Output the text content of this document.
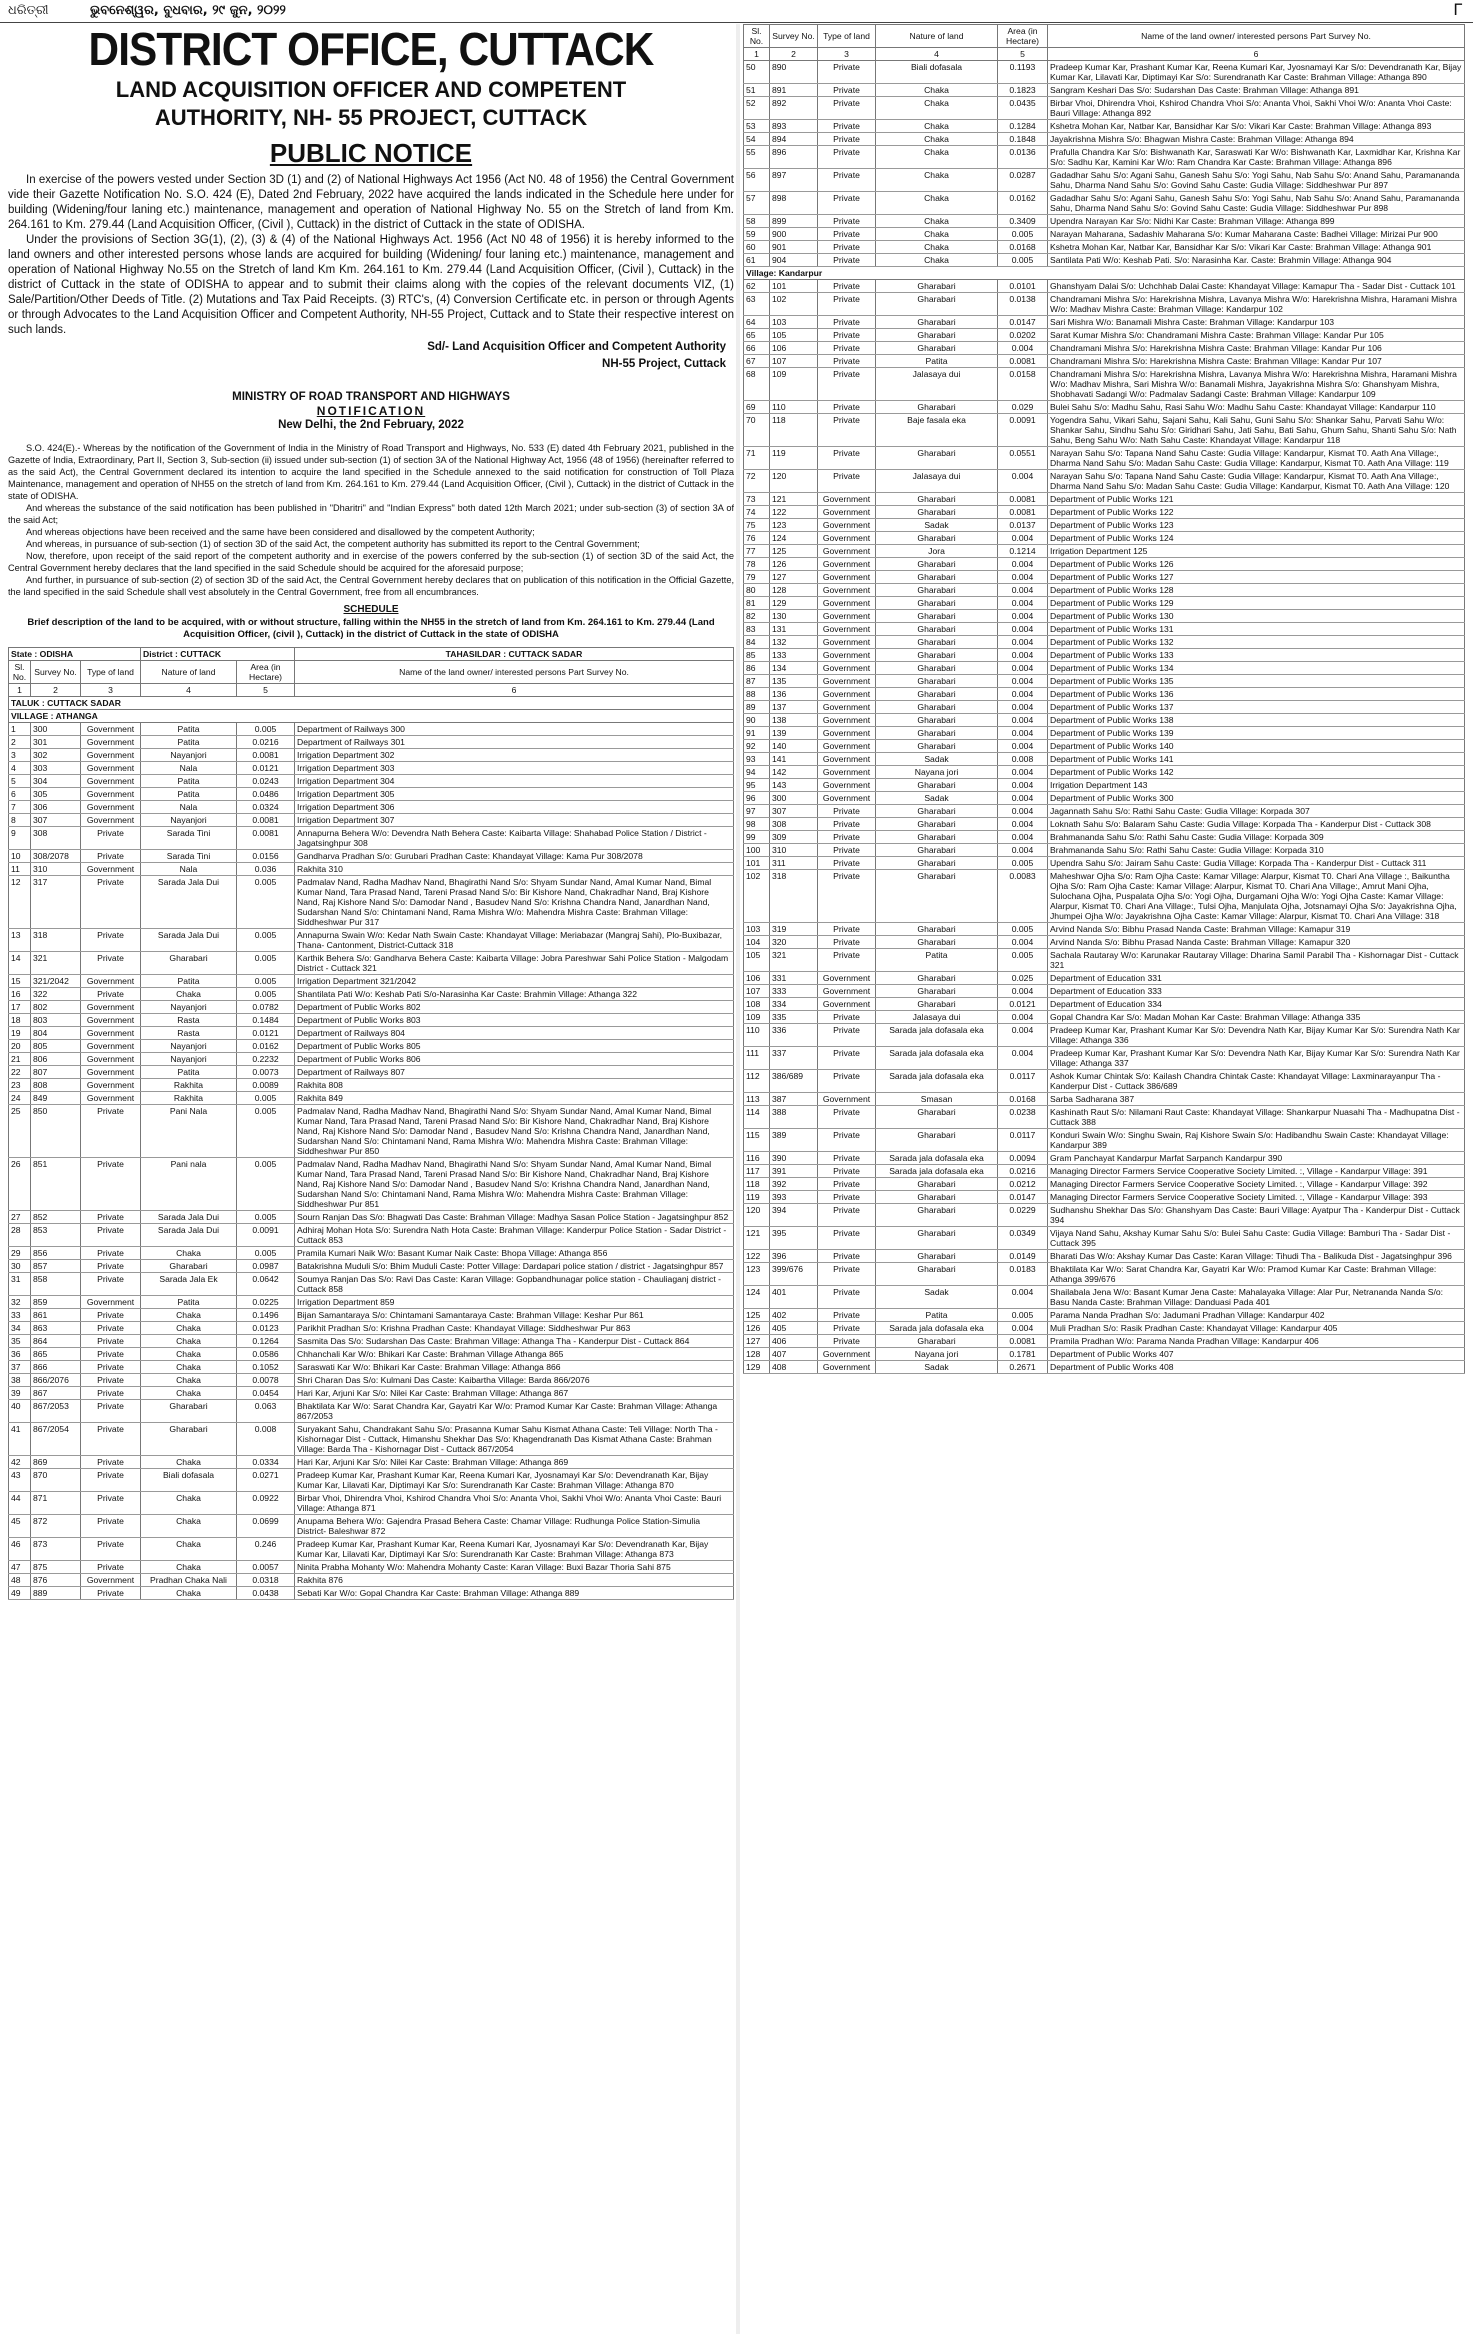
ଧରିତ୍ରୀ	ଭୁବନେଶ୍ୱର, ବୁଧବାର, ୨୯ ଜୁନ, ୨୦୨୨	Г
DISTRICT OFFICE, CUTTACK
LAND ACQUISITION OFFICER AND COMPETENT
AUTHORITY, NH- 55 PROJECT, CUTTACK
PUBLIC NOTICE

In exercise of the powers vested under Section 3D (1) and (2) of National Highways Act 1956 (Act N0. 48 of 1956) the Central Government vide their Gazette Notification No. S.O. 424 (E), Dated 2nd February, 2022 have acquired the lands indicated in the Schedule here under for building (Widening/four laning etc.) maintenance, management and operation of National Highway No. 55 on the Stretch of land from Km. 264.161 to Km. 279.44 (Land Acquisition Officer, (Civil ), Cuttack) in the district of Cuttack in the state of ODISHA.

Under the provisions of Section 3G(1), (2), (3) & (4) of the National Highways Act. 1956 (Act N0 48 of 1956) it is hereby informed to the land owners and other interested persons whose lands are acquired for building (Widening/ four laning etc.) maintenance, management and operation of National Highway No.55 on the Stretch of land Km Km. 264.161 to Km. 279.44 (Land Acquisition Officer, (Civil ), Cuttack) in the district of Cuttack in the state of ODISHA to appear and to submit their claims along with the copies of the relevant documents VIZ, (1) Sale/Partition/Other Deeds of Title. (2) Mutations and Tax Paid Receipts. (3) RTC's, (4) Conversion Certificate etc. in person or through Agents or through Advocates to the Land Acquisition Officer and Competent Authority, NH-55 Project, Cuttack and to State their respective interest on such lands.

Sd/- Land Acquisition Officer and Competent Authority
NH-55 Project, Cuttack
MINISTRY OF ROAD TRANSPORT AND HIGHWAYS
NOTIFICATION
New Delhi, the 2nd February, 2022

S.O. 424(E).- Whereas by the notification of the Government of India in the Ministry of Road Transport and Highways, No. 533 (E) dated 4th February 2021, published in the Gazette of India, Extraordinary, Part II, Section 3, Sub-section (ii) issued under sub-section (1) of section 3A of the National Highway Act, 1956 (48 of 1956) (hereinafter referred to as the said Act), the Central Government declared its intention to acquire the land specified in the Schedule annexed to the said notification for construction of Toll Plaza Maintenance, management and operation of NH55 on the stretch of land from Km. 264.161 to Km. 279.44 (Land Acquisition Officer, (Civil ), Cuttack) in the district of Cuttack in the state of ODISHA.

And whereas the substance of the said notification has been published in "Dharitri" and "Indian Express" both dated 12th March 2021; under sub-section (3) of section 3A of the said Act;

And whereas objections have been received and the same have been considered and disallowed by the competent Authority;

And whereas, in pursuance of sub-section (1) of section 3D of the said Act, the competent authority has submitted its report to the Central Government;

Now, therefore, upon receipt of the said report of the competent authority and in exercise of the powers conferred by the sub-section (1) of section 3D of the said Act, the Central Government hereby declares that the land specified in the said Schedule should be acquired for the aforesaid purpose;

And further, in pursuance of sub-section (2) of section 3D of the said Act, the Central Government hereby declares that on publication of this notification in the Official Gazette, the land specified in the said Schedule shall vest absolutely in the Central Government, free from all encumbrances.

SCHEDULE
Brief description of the land to be acquired, with or without structure, falling within the NH55 in the stretch of land from Km. 264.161 to Km. 279.44 (Land Acquisition Officer, (civil ), Cuttack) in the district of Cuttack in the state of ODISHA
State : ODISHA			District : CUTTACK		TAHASILDAR : CUTTACK SADAR
Sl. No.	Survey No.	Type of land	Nature of land	Area (in Hectare)	Name of the land owner/ interested persons Part Survey No.
1	2	3	4	5	6
TALUK : CUTTACK SADAR					
VILLAGE : ATHANGA					
1	300	Government	Patita	0.005	Department of Railways 300
2	301	Government	Patita	0.0216	Department of Railways 301
3	302	Government	Nayanjori	0.0081	Irrigation Department 302
4	303	Government	Nala	0.0121	Irrigation Department 303
5	304	Government	Patita	0.0243	Irrigation Department 304
6	305	Government	Patita	0.0486	Irrigation Department 305
7	306	Government	Nala	0.0324	Irrigation Department 306
8	307	Government	Nayanjori	0.0081	Irrigation Department 307
9	308	Private	Sarada Tini	0.0081	Annapurna Behera W/o: Devendra Nath Behera Caste: Kaibarta Village: Shahabad Police Station / District - Jagatsinghpur 308
10	308/2078	Private	Sarada Tini	0.0156	Gandharva Pradhan S/o: Gurubari Pradhan Caste: Khandayat Village: Kama Pur 308/2078
11	310	Government	Nala	0.036	Rakhita 310
12	317	Private	Sarada Jala Dui	0.005	Padmalav Nand, Radha Madhav Nand, Bhagirathi Nand S/o: Shyam Sundar Nand, Amal Kumar Nand, Bimal Kumar Nand, Tara Prasad Nand, Tareni Prasad Nand S/o: Bir Kishore Nand, Chakradhar Nand, Braj Kishore Nand, Raj Kishore Nand S/o: Damodar Nand , Basudev Nand S/o: Krishna Chandra Nand, Janardhan Nand, Sudarshan Nand S/o: Chintamani Nand, Rama Mishra W/o: Mahendra Mishra Caste: Brahman Village: Siddheshwar Pur 317
13	318	Private	Sarada Jala Dui	0.005	Annapurna Swain W/o: Kedar Nath Swain Caste: Khandayat Village: Meriabazar (Mangraj Sahi), Plo-Buxibazar, Thana- Cantonment, District-Cuttack 318
14	321	Private	Gharabari	0.005	Karthik Behera S/o: Gandharva Behera Caste: Kaibarta Village: Jobra Pareshwar Sahi Police Station - Malgodam District - Cuttack 321
15	321/2042	Government	Patita	0.005	Irrigation Department 321/2042
16	322	Private	Chaka	0.005	Shantilata Pati W/o: Keshab Pati S/o-Narasinha Kar Caste: Brahmin Village: Athanga 322
17	802	Government	Nayanjori	0.0782	Department of Public Works 802
18	803	Government	Rasta	0.1484	Department of Public Works 803
19	804	Government	Rasta	0.0121	Department of Railways 804
20	805	Government	Nayanjori	0.0162	Department of Public Works 805
21	806	Government	Nayanjori	0.2232	Department of Public Works 806
22	807	Government	Patita	0.0073	Department of Railways 807
23	808	Government	Rakhita	0.0089	Rakhita 808
24	849	Government	Rakhita	0.005	Rakhita 849
25	850	Private	Pani Nala	0.005	Padmalav Nand, Radha Madhav Nand, Bhagirathi Nand S/o: Shyam Sundar Nand, Amal Kumar Nand, Bimal Kumar Nand, Tara Prasad Nand, Tareni Prasad Nand S/o: Bir Kishore Nand, Chakradhar Nand, Braj Kishore Nand, Raj Kishore Nand S/o: Damodar Nand , Basudev Nand S/o: Krishna Chandra Nand, Janardhan Nand, Sudarshan Nand S/o: Chintamani Nand, Rama Mishra W/o: Mahendra Mishra Caste: Brahman Village: Siddheshwar Pur 850
26	851	Private	Pani nala	0.005	Padmalav Nand, Radha Madhav Nand, Bhagirathi Nand S/o: Shyam Sundar Nand, Amal Kumar Nand, Bimal Kumar Nand, Tara Prasad Nand, Tareni Prasad Nand S/o: Bir Kishore Nand, Chakradhar Nand, Braj Kishore Nand, Raj Kishore Nand S/o: Damodar Nand , Basudev Nand S/o: Krishna Chandra Nand, Janardhan Nand, Sudarshan Nand S/o: Chintamani Nand, Rama Mishra W/o: Mahendra Mishra Caste: Brahman Village: Siddheshwar Pur 851
27	852	Private	Sarada Jala Dui	0.005	Sourn Ranjan Das S/o: Bhagwati Das Caste: Brahman Village: Madhya Sasan Police Station - Jagatsinghpur 852
28	853	Private	Sarada Jala Dui	0.0091	Adhiraj Mohan Hota S/o: Surendra Nath Hota Caste: Brahman Village: Kanderpur Police Station - Sadar District - Cuttack 853
29	856	Private	Chaka	0.005	Pramila Kumari Naik W/o: Basant Kumar Naik Caste: Bhopa Village: Athanga 856
30	857	Private	Gharabari	0.0987	Batakrishna Muduli S/o: Bhim Muduli Caste: Potter Village: Dardapari police station / district - Jagatsinghpur 857
31	858	Private	Sarada Jala Ek	0.0642	Soumya Ranjan Das S/o: Ravi Das Caste: Karan Village: Gopbandhunagar police station - Chauliaganj district - Cuttack 858
32	859	Government	Patita	0.0225	Irrigation Department 859
33	861	Private	Chaka	0.1496	Bijan Samantaraya S/o: Chintamani Samantaraya Caste: Brahman Village: Keshar Pur 861
34	863	Private	Chaka	0.0123	Parikhit Pradhan S/o: Krishna Pradhan Caste: Khandayat Village: Siddheshwar Pur 863
35	864	Private	Chaka	0.1264	Sasmita Das S/o: Sudarshan Das Caste: Brahman Village: Athanga Tha - Kanderpur Dist - Cuttack 864
36	865	Private	Chaka	0.0586	Chhanchali Kar W/o: Bhikari Kar Caste: Brahman Village Athanga 865
37	866	Private	Chaka	0.1052	Saraswati Kar W/o: Bhikari Kar Caste: Brahman Village: Athanga 866
38	866/2076	Private	Chaka	0.0078	Shri Charan Das S/o: Kulmani Das Caste: Kaibartha Village: Barda 866/2076
39	867	Private	Chaka	0.0454	Hari Kar, Arjuni Kar S/o: Nilei Kar Caste: Brahman Village: Athanga 867
40	867/2053	Private	Gharabari	0.063	Bhaktilata Kar W/o: Sarat Chandra Kar, Gayatri Kar W/o: Pramod Kumar Kar Caste: Brahman Village: Athanga 867/2053
41	867/2054	Private	Gharabari	0.008	Suryakant Sahu, Chandrakant Sahu S/o: Prasanna Kumar Sahu Kismat Athana Caste: Teli Village: North Tha - Kishornagar Dist - Cuttack, Himanshu Shekhar Das S/o: Khagendranath Das Kismat Athana Caste: Brahman Village: Barda Tha - Kishornagar Dist - Cuttack 867/2054
42	869	Private	Chaka	0.0334	Hari Kar, Arjuni Kar S/o: Nilei Kar Caste: Brahman Village: Athanga 869
43	870	Private	Biali dofasala	0.0271	Pradeep Kumar Kar, Prashant Kumar Kar, Reena Kumari Kar, Jyosnamayi Kar S/o: Devendranath Kar, Bijay Kumar Kar, Lilavati Kar, Diptimayi Kar S/o: Surendranath Kar Caste: Brahman Village: Athanga 870
44	871	Private	Chaka	0.0922	Birbar Vhoi, Dhirendra Vhoi, Kshirod Chandra Vhoi S/o: Ananta Vhoi, Sakhi Vhoi W/o: Ananta Vhoi Caste: Bauri Village: Athanga 871
45	872	Private	Chaka	0.0699	Anupama Behera W/o: Gajendra Prasad Behera Caste: Chamar Village: Rudhunga Police Station-Simulia District- Baleshwar 872
46	873	Private	Chaka	0.246	Pradeep Kumar Kar, Prashant Kumar Kar, Reena Kumari Kar, Jyosnamayi Kar S/o: Devendranath Kar, Bijay Kumar Kar, Lilavati Kar, Diptimayi Kar S/o: Surendranath Kar Caste: Brahman Village: Athanga 873
47	875	Private	Chaka	0.0057	Ninita Prabha Mohanty W/o: Mahendra Mohanty Caste: Karan Village: Buxi Bazar Thoria Sahi 875
48	876	Government	Pradhan Chaka Nali	0.0318	Rakhita 876
49	889	Private	Chaka	0.0438	Sebati Kar W/o: Gopal Chandra Kar Caste: Brahman Village: Athanga 889
Sl. No.	Survey No.	Type of land	Nature of land	Area (in Hectare)	Name of the land owner/ interested persons Part Survey No.
1	2	3	4	5	6
50	890	Private	Biali dofasala	0.1193	Pradeep Kumar Kar, Prashant Kumar Kar, Reena Kumari Kar, Jyosnamayi Kar S/o: Devendranath Kar, Bijay Kumar Kar, Lilavati Kar, Diptimayi Kar S/o: Surendranath Kar Caste: Brahman Village: Athanga 890
51	891	Private	Chaka	0.1823	Sangram Keshari Das S/o: Sudarshan Das Caste: Brahman Village: Athanga 891
52	892	Private	Chaka	0.0435	Birbar Vhoi, Dhirendra Vhoi, Kshirod Chandra Vhoi S/o: Ananta Vhoi, Sakhi Vhoi W/o: Ananta Vhoi Caste: Bauri Village: Athanga 892
53	893	Private	Chaka	0.1284	Kshetra Mohan Kar, Natbar Kar, Bansidhar Kar S/o: Vikari Kar Caste: Brahman Village: Athanga 893
54	894	Private	Chaka	0.1848	Jayakrishna Mishra S/o: Bhagwan Mishra Caste: Brahman Village: Athanga 894
55	896	Private	Chaka	0.0136	Prafulla Chandra Kar S/o: Bishwanath Kar, Saraswati Kar W/o: Bishwanath Kar, Laxmidhar Kar, Krishna Kar S/o: Sadhu Kar, Kamini Kar W/o: Ram Chandra Kar Caste: Brahman Village: Athanga 896
56	897	Private	Chaka	0.0287	Gadadhar Sahu S/o: Agani Sahu, Ganesh Sahu S/o: Yogi Sahu, Nab Sahu S/o: Anand Sahu, Paramananda Sahu, Dharma Nand Sahu S/o: Govind Sahu Caste: Gudia Village: Siddheshwar Pur 897
57	898	Private	Chaka	0.0162	Gadadhar Sahu S/o: Agani Sahu, Ganesh Sahu S/o: Yogi Sahu, Nab Sahu S/o: Anand Sahu, Paramananda Sahu, Dharma Nand Sahu S/o: Govind Sahu Caste: Gudia Village: Siddheshwar Pur 898
58	899	Private	Chaka	0.3409	Upendra Narayan Kar S/o: Nidhi Kar Caste: Brahman Village: Athanga 899
59	900	Private	Chaka	0.005	Narayan Maharana, Sadashiv Maharana S/o: Kumar Maharana Caste: Badhei Village: Mirizai Pur 900
60	901	Private	Chaka	0.0168	Kshetra Mohan Kar, Natbar Kar, Bansidhar Kar S/o: Vikari Kar Caste: Brahman Village: Athanga 901
61	904	Private	Chaka	0.005	Santilata Pati W/o: Keshab Pati. S/o: Narasinha Kar. Caste: Brahmin Village: Athanga 904
Village: Kandarpur					
62	101	Private	Gharabari	0.0101	Ghanshyam Dalai S/o: Uchchhab Dalai Caste: Khandayat Village: Kamapur Tha - Sadar Dist - Cuttack 101
63	102	Private	Gharabari	0.0138	Chandramani Mishra S/o: Harekrishna Mishra, Lavanya Mishra W/o: Harekrishna Mishra, Haramani Mishra W/o: Madhav Mishra Caste: Brahman Village: Kandarpur 102
64	103	Private	Gharabari	0.0147	Sari Mishra W/o: Banamali Mishra Caste: Brahman Village: Kandarpur 103
65	105	Private	Gharabari	0.0202	Sarat Kumar Mishra S/o: Chandramani Mishra Caste: Brahman Village: Kandar Pur 105
66	106	Private	Gharabari	0.004	Chandramani Mishra S/o: Harekrishna Mishra Caste: Brahman Village: Kandar Pur 106
67	107	Private	Patita	0.0081	Chandramani Mishra S/o: Harekrishna Mishra Caste: Brahman Village: Kandar Pur 107
68	109	Private	Jalasaya dui	0.0158	Chandramani Mishra S/o: Harekrishna Mishra, Lavanya Mishra W/o: Harekrishna Mishra, Haramani Mishra W/o: Madhav Mishra, Sari Mishra W/o: Banamali Mishra, Jayakrishna Mishra S/o: Ghanshyam Mishra, Shobhavati Sadangi W/o: Padmalav Sadangi Caste: Brahman Village: Kandarpur 109
69	110	Private	Gharabari	0.029	Bulei Sahu S/o: Madhu Sahu, Rasi Sahu W/o: Madhu Sahu Caste: Khandayat Village: Kandarpur 110
70	118	Private	Baje fasala eka	0.0091	Yogendra Sahu, Vikari Sahu, Sajani Sahu, Kali Sahu, Guni Sahu S/o: Shankar Sahu, Parvati Sahu W/o: Shankar Sahu, Sindhu Sahu S/o: Giridhari Sahu, Jati Sahu, Bati Sahu, Ghum Sahu, Shanti Sahu S/o: Nath Sahu, Beng Sahu W/o: Nath Sahu Caste: Khandayat Village: Kandarpur 118
71	119	Private	Gharabari	0.0551	Narayan Sahu S/o: Tapana Nand Sahu Caste: Gudia Village: Kandarpur, Kismat T0. Aath Ana Village:, Dharma Nand Sahu S/o: Madan Sahu Caste: Gudia Village: Kandarpur, Kismat T0. Aath Ana Village: 119
72	120	Private	Jalasaya dui	0.004	Narayan Sahu S/o: Tapana Nand Sahu Caste: Gudia Village: Kandarpur, Kismat T0. Aath Ana Village:, Dharma Nand Sahu S/o: Madan Sahu Caste: Gudia Village: Kandarpur, Kismat T0. Aath Ana Village: 120
73	121	Government	Gharabari	0.0081	Department of Public Works 121
74	122	Government	Gharabari	0.0081	Department of Public Works 122
75	123	Government	Sadak	0.0137	Department of Public Works 123
76	124	Government	Gharabari	0.004	Department of Public Works 124
77	125	Government	Jora	0.1214	Irrigation Department 125
78	126	Government	Gharabari	0.004	Department of Public Works 126
79	127	Government	Gharabari	0.004	Department of Public Works 127
80	128	Government	Gharabari	0.004	Department of Public Works 128
81	129	Government	Gharabari	0.004	Department of Public Works 129
82	130	Government	Gharabari	0.004	Department of Public Works 130
83	131	Government	Gharabari	0.004	Department of Public Works 131
84	132	Government	Gharabari	0.004	Department of Public Works 132
85	133	Government	Gharabari	0.004	Department of Public Works 133
86	134	Government	Gharabari	0.004	Department of Public Works 134
87	135	Government	Gharabari	0.004	Department of Public Works 135
88	136	Government	Gharabari	0.004	Department of Public Works 136
89	137	Government	Gharabari	0.004	Department of Public Works 137
90	138	Government	Gharabari	0.004	Department of Public Works 138
91	139	Government	Gharabari	0.004	Department of Public Works 139
92	140	Government	Gharabari	0.004	Department of Public Works 140
93	141	Government	Sadak	0.008	Department of Public Works 141
94	142	Government	Nayana jori	0.004	Department of Public Works 142
95	143	Government	Gharabari	0.004	Irrigation Department 143
96	300	Government	Sadak	0.004	Department of Public Works 300
97	307	Private	Gharabari	0.004	Jagannath Sahu S/o: Rathi Sahu Caste: Gudia Village: Korpada 307
98	308	Private	Gharabari	0.004	Loknath Sahu S/o: Balaram Sahu Caste: Gudia Village: Korpada Tha - Kanderpur Dist - Cuttack 308
99	309	Private	Gharabari	0.004	Brahmananda Sahu S/o: Rathi Sahu Caste: Gudia Village: Korpada 309
100	310	Private	Gharabari	0.004	Brahmananda Sahu S/o: Rathi Sahu Caste: Gudia Village: Korpada 310
101	311	Private	Gharabari	0.005	Upendra Sahu S/o: Jairam Sahu Caste: Gudia Village: Korpada Tha - Kanderpur Dist - Cuttack 311
102	318	Private	Gharabari	0.0083	Maheshwar Ojha S/o: Ram Ojha Caste: Kamar Village: Alarpur, Kismat T0. Chari Ana Village :, Baikuntha Ojha S/o: Ram Ojha Caste: Kamar Village: Alarpur, Kismat T0. Chari Ana Village:, Amrut Mani Ojha, Sulochana Ojha, Puspalata Ojha S/o: Yogi Ojha, Durgamani Ojha W/o: Yogi Ojha Caste: Kamar Village: Alarpur, Kismat T0. Chari Ana Village:, Tulsi Ojha, Manjulata Ojha, Jotsnamayi Ojha S/o: Jayakrishna Ojha, Jhumpei Ojha W/o: Jayakrishna Ojha Caste: Kamar Village: Alarpur, Kismat T0. Chari Ana Village: 318
103	319	Private	Gharabari	0.005	Arvind Nanda S/o: Bibhu Prasad Nanda Caste: Brahman Village: Kamapur 319
104	320	Private	Gharabari	0.004	Arvind Nanda S/o: Bibhu Prasad Nanda Caste: Brahman Village: Kamapur 320
105	321	Private	Patita	0.005	Sachala Rautaray W/o: Karunakar Rautaray Village: Dharina Samil Parabil Tha - Kishornagar Dist - Cuttack 321
106	331	Government	Gharabari	0.025	Department of Education 331
107	333	Government	Gharabari	0.004	Department of Education 333
108	334	Government	Gharabari	0.0121	Department of Education 334
109	335	Private	Jalasaya dui	0.004	Gopal Chandra Kar S/o: Madan Mohan Kar Caste: Brahman Village: Athanga 335
110	336	Private	Sarada jala dofasala eka	0.004	Pradeep Kumar Kar, Prashant Kumar Kar S/o: Devendra Nath Kar, Bijay Kumar Kar S/o: Surendra Nath Kar Village: Athanga 336
111	337	Private	Sarada jala dofasala eka	0.004	Pradeep Kumar Kar, Prashant Kumar Kar S/o: Devendra Nath Kar, Bijay Kumar Kar S/o: Surendra Nath Kar Village: Athanga 337
112	386/689	Private	Sarada jala dofasala eka	0.0117	Ashok Kumar Chintak S/o: Kailash Chandra Chintak Caste: Khandayat Village: Laxminarayanpur Tha - Kanderpur Dist - Cuttack 386/689
113	387	Government	Smasan	0.0168	Sarba Sadharana 387
114	388	Private	Gharabari	0.0238	Kashinath Raut S/o: Nilamani Raut Caste: Khandayat Village: Shankarpur Nuasahi Tha - Madhupatna Dist - Cuttack 388
115	389	Private	Gharabari	0.0117	Konduri Swain W/o: Singhu Swain, Raj Kishore Swain S/o: Hadibandhu Swain Caste: Khandayat Village: Kandarpur 389
116	390	Private	Sarada jala dofasala eka	0.0094	Gram Panchayat Kandarpur Marfat Sarpanch Kandarpur 390
117	391	Private	Sarada jala dofasala eka	0.0216	Managing Director Farmers Service Cooperative Society Limited. :, Village - Kandarpur Village: 391
118	392	Private	Gharabari	0.0212	Managing Director Farmers Service Cooperative Society Limited. :, Village - Kandarpur Village: 392
119	393	Private	Gharabari	0.0147	Managing Director Farmers Service Cooperative Society Limited. :, Village - Kandarpur Village: 393
120	394	Private	Gharabari	0.0229	Sudhanshu Shekhar Das S/o: Ghanshyam Das Caste: Bauri Village: Ayatpur Tha - Kanderpur Dist - Cuttack 394
121	395	Private	Gharabari	0.0349	Vijaya Nand Sahu, Akshay Kumar Sahu S/o: Bulei Sahu Caste: Gudia Village: Bamburi Tha - Sadar Dist - Cuttack 395
122	396	Private	Gharabari	0.0149	Bharati Das W/o: Akshay Kumar Das Caste: Karan Village: Tihudi Tha - Balikuda Dist - Jagatsinghpur 396
123	399/676	Private	Gharabari	0.0183	Bhaktilata Kar W/o: Sarat Chandra Kar, Gayatri Kar W/o: Pramod Kumar Kar Caste: Brahman Village: Athanga 399/676
124	401	Private	Sadak	0.004	Shailabala Jena W/o: Basant Kumar Jena Caste: Mahalayaka Village: Alar Pur, Netrananda Nanda S/o: Basu Nanda Caste: Brahman Village: Danduasi Pada 401
125	402	Private	Patita	0.005	Parama Nanda Pradhan S/o: Jadumani Pradhan Village: Kandarpur 402
126	405	Private	Sarada jala dofasala eka	0.004	Muli Pradhan S/o: Rasik Pradhan Caste: Khandayat Village: Kandarpur 405
127	406	Private	Gharabari	0.0081	Pramila Pradhan W/o: Parama Nanda Pradhan Village: Kandarpur 406
128	407	Government	Nayana jori	0.1781	Department of Public Works 407
129	408	Government	Sadak	0.2671	Department of Public Works 408
